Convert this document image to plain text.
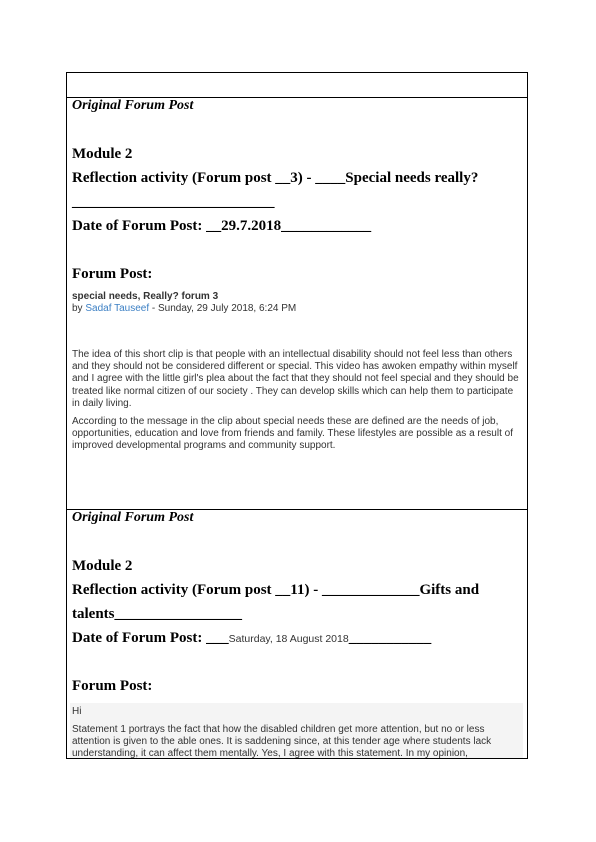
Original Forum Post
Module 2
Reflection activity (Forum post __3) - ____Special needs really?
___________________________
Date of Forum Post: __29.7.2018____________
Forum Post:
special needs, Really? forum 3
by Sadaf Tauseef - Sunday, 29 July 2018, 6:24 PM
The idea of this short clip is that people with an intellectual disability should not feel less than others and they should not be considered different or special. This video has awoken empathy within myself and I agree with the little girl's plea about the fact that they should not feel special and they should be treated like normal citizen of our society . They can develop skills which can help them to participate in daily living.
According to the message in the clip about special needs these are defined are the needs of job, opportunities, education and love from friends and family. These lifestyles are possible as a result of improved developmental programs and community support.
Original Forum Post
Module 2
Reflection activity (Forum post __11) - _____________Gifts and
talents_________________
Date of Forum Post: ___Saturday, 18 August 2018___________
Forum Post:
Hi
Statement 1 portrays the fact that how the disabled children get more attention, but no or less attention is given to the able ones. It is saddening since, at this tender age where students lack understanding, it can affect them mentally. Yes, I agree with this statement. In my opinion,
